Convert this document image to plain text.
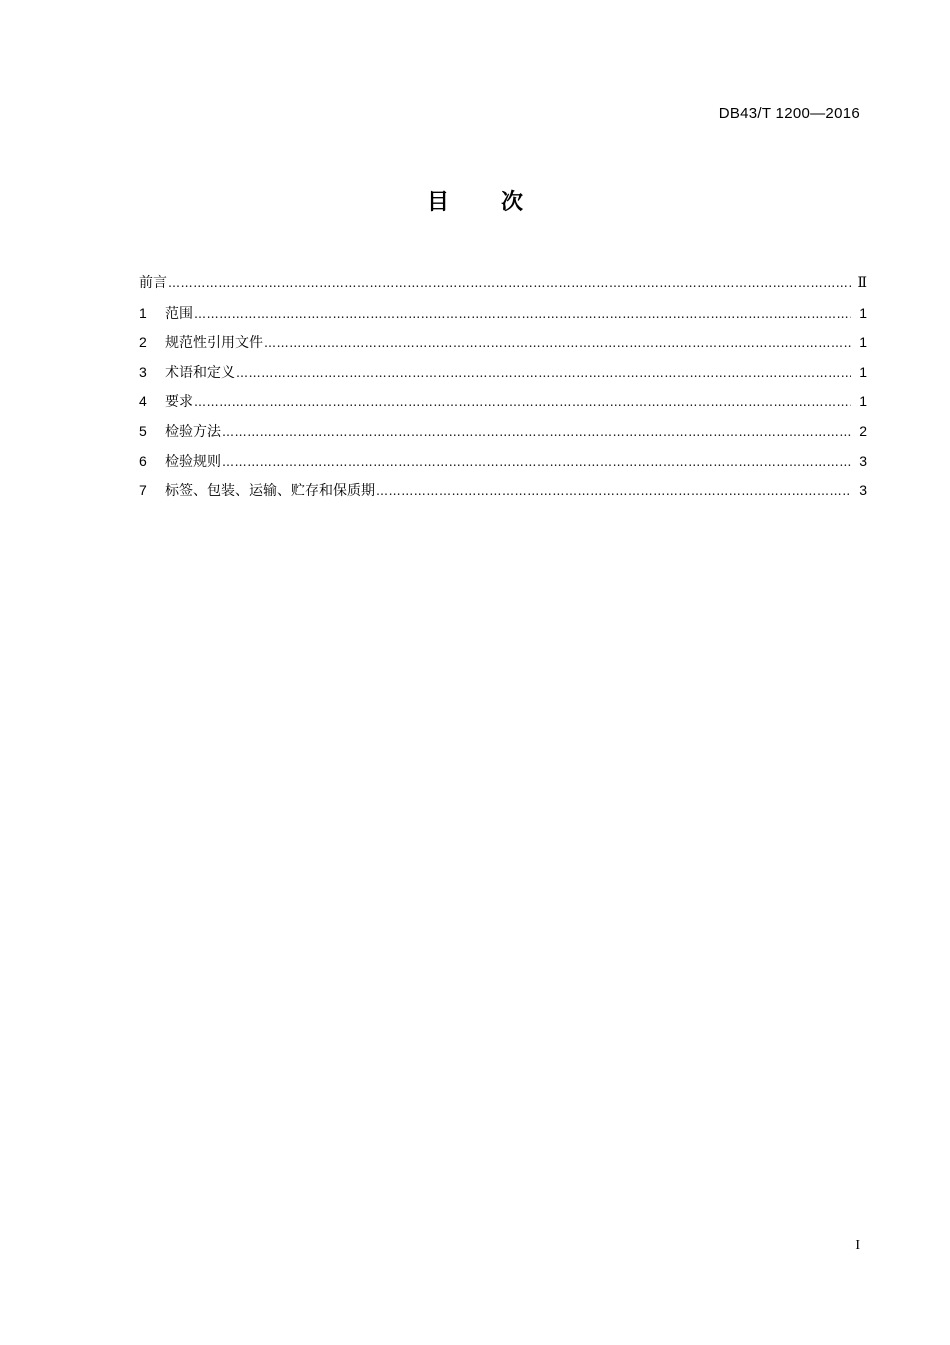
DB43/T 1200—2016
目 次
前言 ………………………………………………………………………………………………………………………………………………………………………………………………………………………………………………	Ⅱ
1	范围 ………………………………………………………………………………………………………………………………………………………………………………………………………………………………………………	1
2	规范性引用文件 ………………………………………………………………………………………………………………………………………………………………………………………………………………………………………………	1
3	术语和定义 ………………………………………………………………………………………………………………………………………………………………………………………………………………………………………………	1
4	要求 ………………………………………………………………………………………………………………………………………………………………………………………………………………………………………………	1
5	检验方法 ………………………………………………………………………………………………………………………………………………………………………………………………………………………………………………	2
6	检验规则 ………………………………………………………………………………………………………………………………………………………………………………………………………………………………………………	3
7	标签、包装、运输、贮存和保质期 ………………………………………………………………………………………………………………………………………………………………………………………………………………………………………………	3
I
